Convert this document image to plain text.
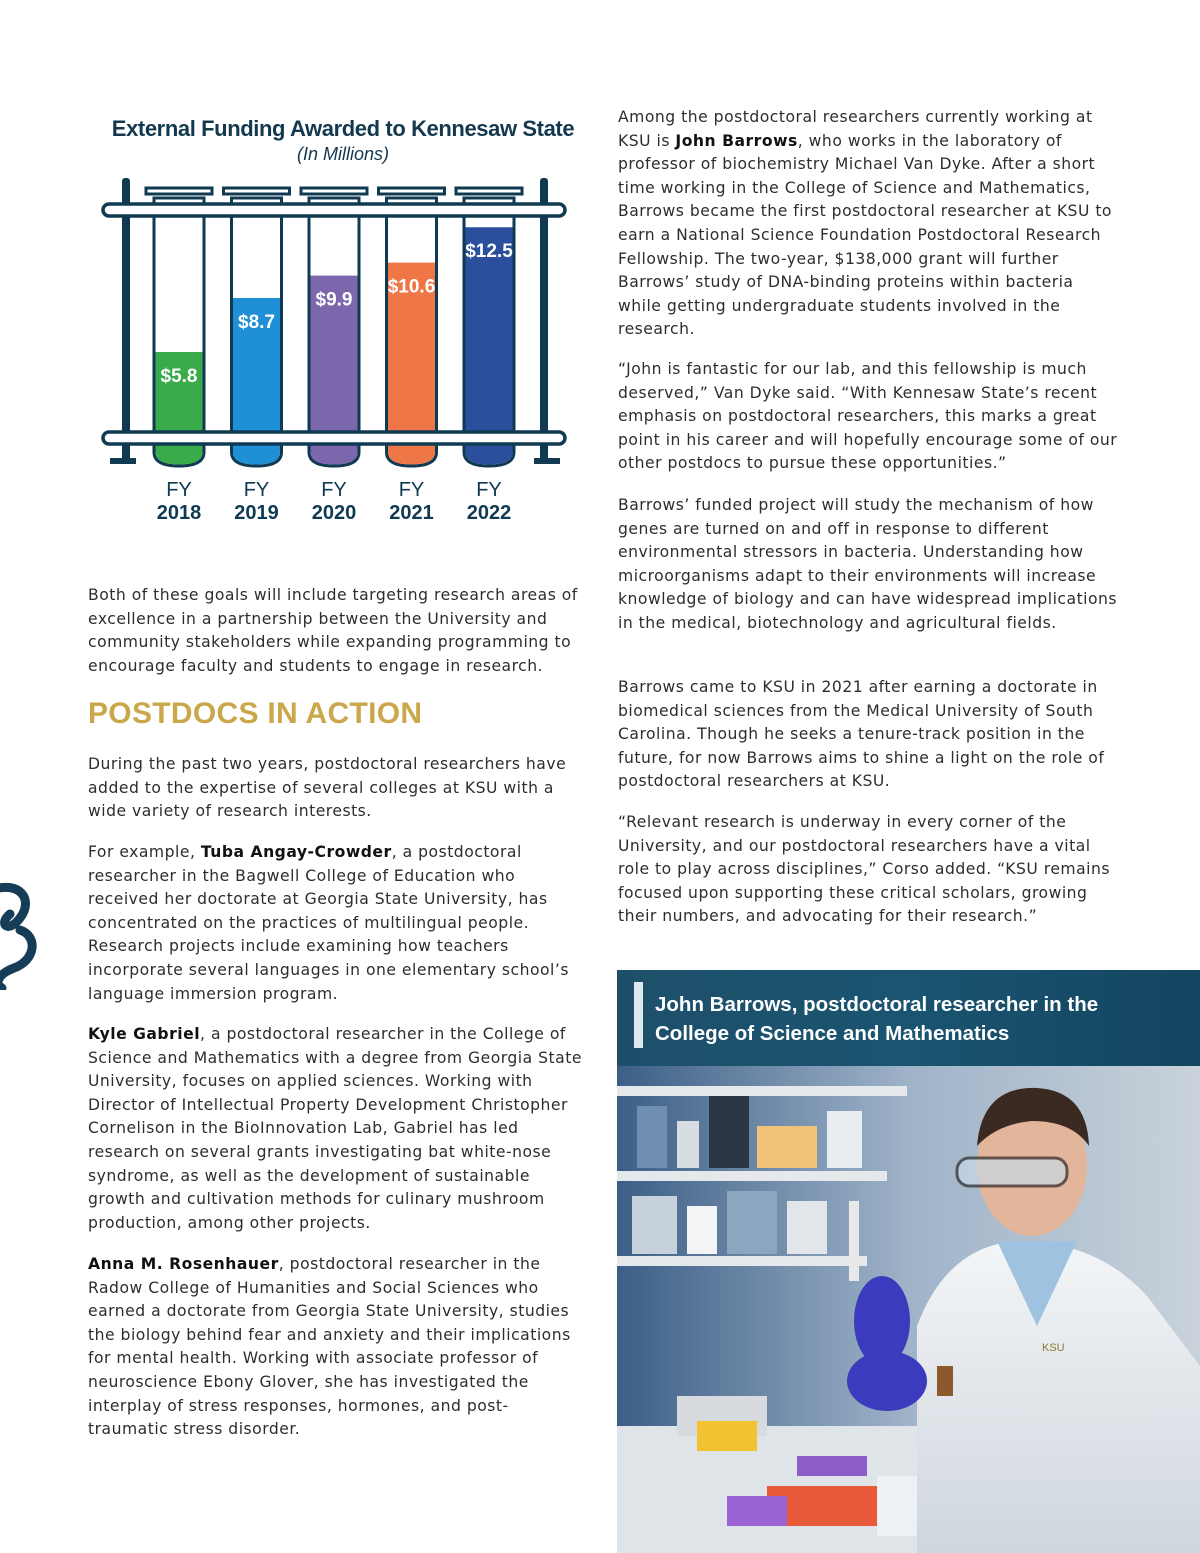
External Funding Awarded to Kennesaw State
(In Millions)
$5.8
FY
2018
$8.7
FY
2019
$9.9
FY
2020
$10.6
FY
2021
$12.5
FY
2022

Both of these goals will include targeting research areas of excellence in a partnership between the University and community stakeholders while expanding programming to encourage faculty and students to engage in research.

POSTDOCS IN ACTION

During the past two years, postdoctoral researchers have added to the expertise of several colleges at KSU with a wide variety of research interests.

For example, Tuba Angay-Crowder, a postdoctoral researcher in the Bagwell College of Education who received her doctorate at Georgia State University, has concentrated on the practices of multilingual people. Research projects include examining how teachers incorporate several languages in one elementary school’s language immersion program.

Kyle Gabriel, a postdoctoral researcher in the College of Science and Mathematics with a degree from Georgia State University, focuses on applied sciences. Working with Director of Intellectual Property Development Christopher Cornelison in the BioInnovation Lab, Gabriel has led research on several grants investigating bat white-nose syndrome, as well as the development of sustainable growth and cultivation methods for culinary mushroom production, among other projects.

Anna M. Rosenhauer, postdoctoral researcher in the Radow College of Humanities and Social Sciences who earned a doctorate from Georgia State University, studies the biology behind fear and anxiety and their implications for mental health. Working with associate professor of neuroscience Ebony Glover, she has investigated the interplay of stress responses, hormones, and post-traumatic stress disorder.

Among the postdoctoral researchers currently working at KSU is John Barrows, who works in the laboratory of professor of biochemistry Michael Van Dyke. After a short time working in the College of Science and Mathematics, Barrows became the first postdoctoral researcher at KSU to earn a National Science Foundation Postdoctoral Research Fellowship. The two-year, $138,000 grant will further Barrows’ study of DNA-binding proteins within bacteria while getting undergraduate students involved in the research.

“John is fantastic for our lab, and this fellowship is much deserved,” Van Dyke said. “With Kennesaw State’s recent emphasis on postdoctoral researchers, this marks a great point in his career and will hopefully encourage some of our other postdocs to pursue these opportunities.”

Barrows’ funded project will study the mechanism of how genes are turned on and off in response to different environmental stressors in bacteria. Understanding how microorganisms adapt to their environments will increase knowledge of biology and can have widespread implications in the medical, biotechnology and agricultural fields.

Barrows came to KSU in 2021 after earning a doctorate in biomedical sciences from the Medical University of South Carolina. Though he seeks a tenure-track position in the future, for now Barrows aims to shine a light on the role of postdoctoral researchers at KSU.

“Relevant research is underway in every corner of the University, and our postdoctoral researchers have a vital role to play across disciplines,” Corso added. “KSU remains focused upon supporting these critical scholars, growing their numbers, and advocating for their research.”

John Barrows, postdoctoral researcher in the College of Science and Mathematics
KSU
